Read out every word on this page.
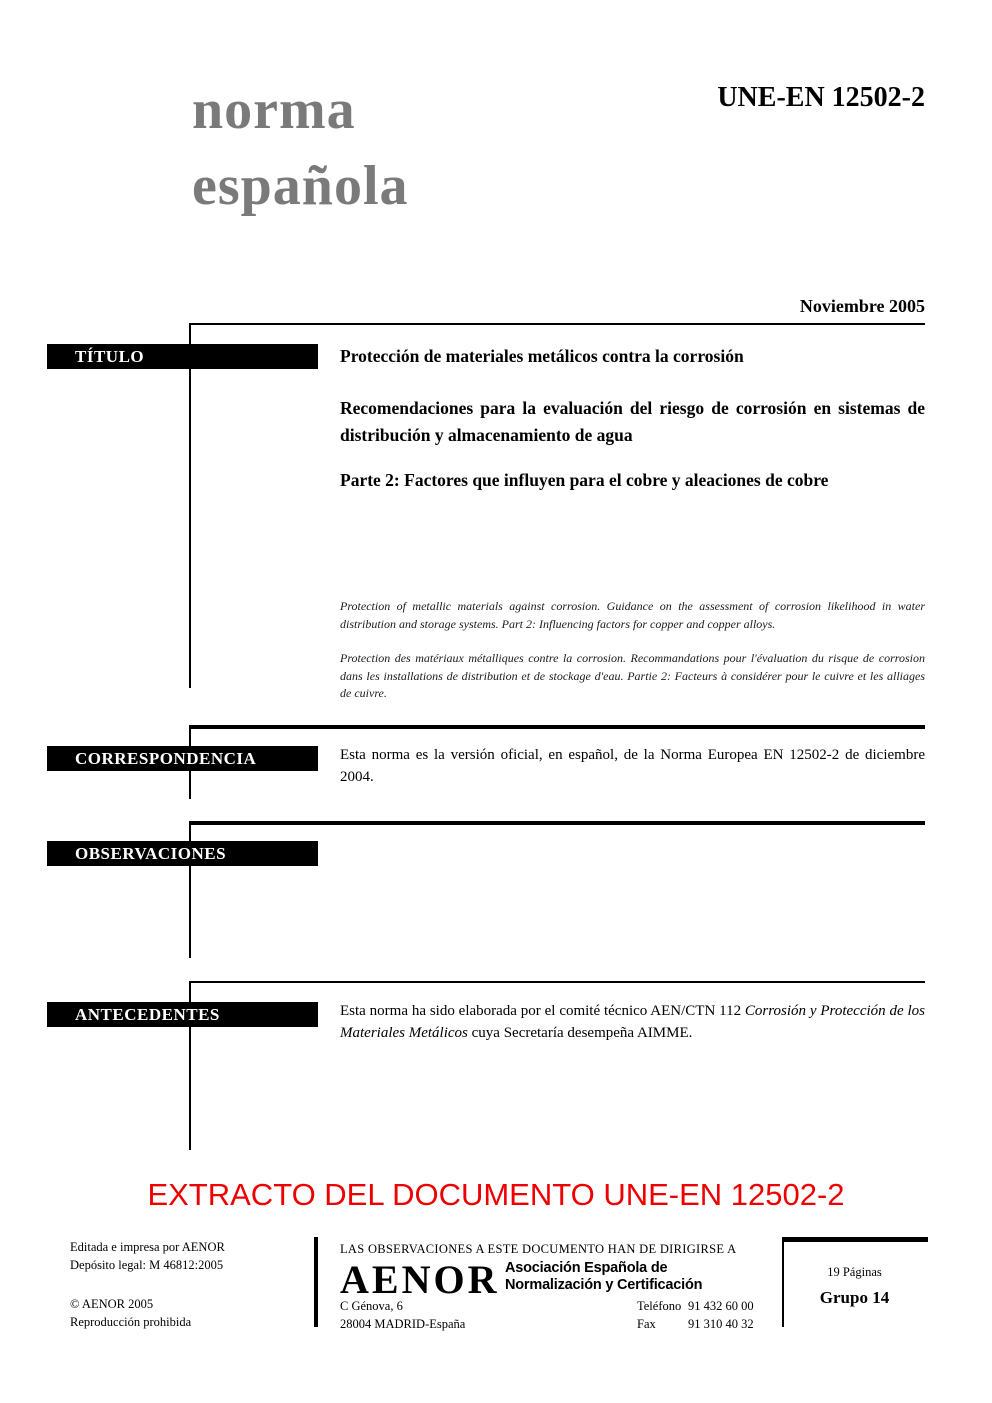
norma
española
UNE-EN 12502-2
Noviembre 2005
TÍTULO
CORRESPONDENCIA
OBSERVACIONES
ANTECEDENTES
Protección de materiales metálicos contra la corrosión
Recomendaciones para la evaluación del riesgo de corrosión en sistemas de distribución y almacenamiento de agua
Parte 2: Factores que influyen para el cobre y aleaciones de cobre
Protection of metallic materials against corrosion. Guidance on the assessment of corrosion likelihood in water distribution and storage systems. Part 2: Influencing factors for copper and copper alloys.
Protection des matériaux métalliques contre la corrosion. Recommandations pour l'évaluation du risque de corrosion dans les installations de distribution et de stockage d'eau. Partie 2: Facteurs à considérer pour le cuivre et les alliages de cuivre.
Esta norma es la versión oficial, en español, de la Norma Europea EN 12502-2 de diciembre 2004.
Esta norma ha sido elaborada por el comité técnico AEN/CTN 112 Corrosión y Protección de los Materiales Metálicos cuya Secretaría desempeña AIMME.
EXTRACTO DEL DOCUMENTO UNE-EN 12502-2
Editada e impresa por AENOR
Depósito legal: M 46812:2005
© AENOR 2005
Reproducción prohibida
LAS OBSERVACIONES A ESTE DOCUMENTO HAN DE DIRIGIRSE A
AENOR Asociación Española de
Normalización y Certificación
C Génova, 6
28004 MADRID-España
Teléfono 91 432 60 00
Fax	91 310 40 32
19 Páginas
Grupo 14
